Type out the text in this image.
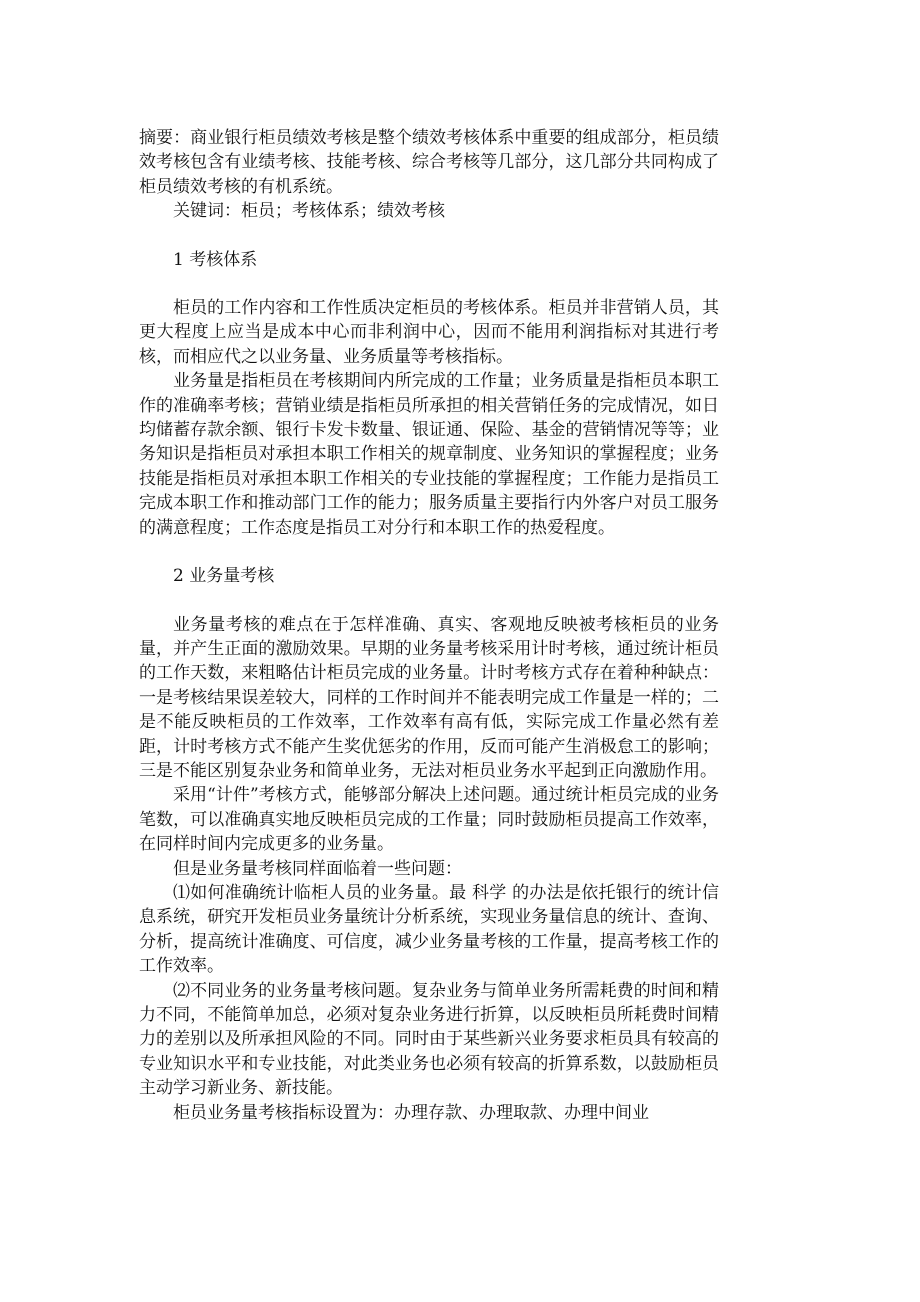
摘要：商业银行柜员绩效考核是整个绩效考核体系中重要的组成部分，柜员绩效考核包含有业绩考核、技能考核、综合考核等几部分，这几部分共同构成了柜员绩效考核的有机系统。

关键词：柜员；考核体系；绩效考核

1 考核体系

柜员的工作内容和工作性质决定柜员的考核体系。柜员并非营销人员，其更大程度上应当是成本中心而非利润中心，因而不能用利润指标对其进行考核，而相应代之以业务量、业务质量等考核指标。

业务量是指柜员在考核期间内所完成的工作量；业务质量是指柜员本职工作的准确率考核；营销业绩是指柜员所承担的相关营销任务的完成情况，如日均储蓄存款余额、银行卡发卡数量、银证通、保险、基金的营销情况等等；业务知识是指柜员对承担本职工作相关的规章制度、业务知识的掌握程度；业务技能是指柜员对承担本职工作相关的专业技能的掌握程度；工作能力是指员工完成本职工作和推动部门工作的能力；服务质量主要指行内外客户对员工服务的满意程度；工作态度是指员工对分行和本职工作的热爱程度。

2 业务量考核

业务量考核的难点在于怎样准确、真实、客观地反映被考核柜员的业务量，并产生正面的激励效果。早期的业务量考核采用计时考核，通过统计柜员的工作天数，来粗略估计柜员完成的业务量。计时考核方式存在着种种缺点：一是考核结果误差较大，同样的工作时间并不能表明完成工作量是一样的；二是不能反映柜员的工作效率，工作效率有高有低，实际完成工作量必然有差距，计时考核方式不能产生奖优惩劣的作用，反而可能产生消极怠工的影响；三是不能区别复杂业务和简单业务，无法对柜员业务水平起到正向激励作用。

采用“计件”考核方式，能够部分解决上述问题。通过统计柜员完成的业务笔数，可以准确真实地反映柜员完成的工作量；同时鼓励柜员提高工作效率，在同样时间内完成更多的业务量。

但是业务量考核同样面临着一些问题：

⑴如何准确统计临柜人员的业务量。最 科学 的办法是依托银行的统计信息系统，研究开发柜员业务量统计分析系统，实现业务量信息的统计、查询、分析，提高统计准确度、可信度，减少业务量考核的工作量，提高考核工作的工作效率。

⑵不同业务的业务量考核问题。复杂业务与简单业务所需耗费的时间和精力不同，不能简单加总，必须对复杂业务进行折算，以反映柜员所耗费时间精力的差别以及所承担风险的不同。同时由于某些新兴业务要求柜员具有较高的专业知识水平和专业技能，对此类业务也必须有较高的折算系数，以鼓励柜员主动学习新业务、新技能。

柜员业务量考核指标设置为：办理存款、办理取款、办理中间业
